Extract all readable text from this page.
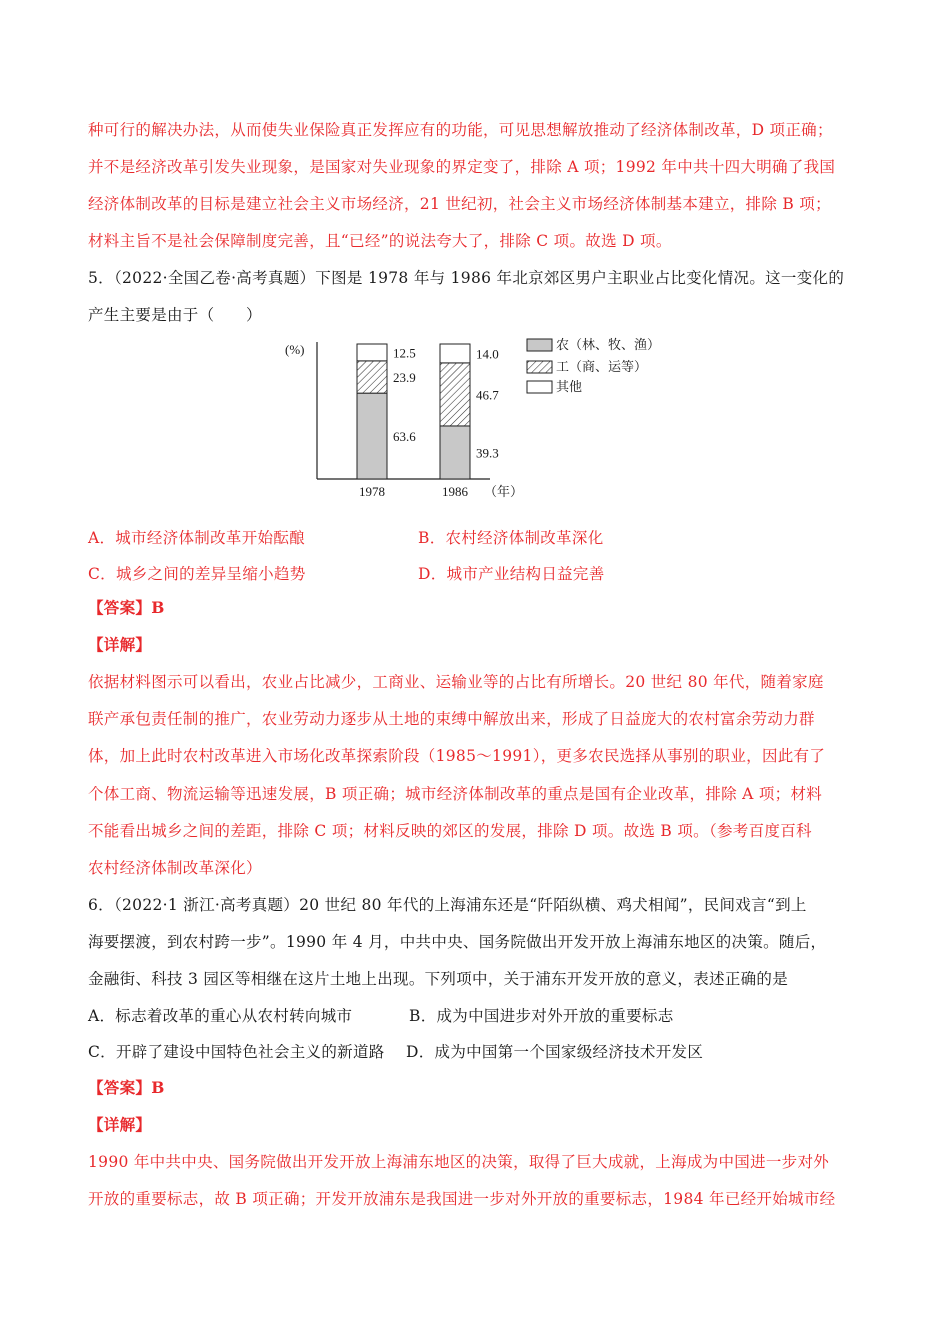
种可行的解决办法，从而使失业保险真正发挥应有的功能，可见思想解放推动了经济体制改革，D 项正确；
并不是经济改革引发失业现象，是国家对失业现象的界定变了，排除 A 项；1992 年中共十四大明确了我国
经济体制改革的目标是建立社会主义市场经济，21 世纪初，社会主义市场经济体制基本建立，排除 B 项；
材料主旨不是社会保障制度完善，且“已经”的说法夸大了，排除 C 项。故选 D 项。
5．（2022·全国乙卷·高考真题）下图是 1978 年与 1986 年北京郊区男户主职业占比变化情况。这一变化的
产生主要是由于（　　）
(%)
63.6
23.9
12.5
1978
39.3
46.7
14.0
1986 （年）
农（林、牧、渔）
工（商、运等）
其他
A．城市经济体制改革开始酝酿	B．农村经济体制改革深化
C．城乡之间的差异呈缩小趋势	D．城市产业结构日益完善
【答案】B
【详解】
依据材料图示可以看出，农业占比减少，工商业、运输业等的占比有所增长。20 世纪 80 年代，随着家庭
联产承包责任制的推广，农业劳动力逐步从土地的束缚中解放出来，形成了日益庞大的农村富余劳动力群
体，加上此时农村改革进入市场化改革探索阶段（1985～1991），更多农民选择从事别的职业，因此有了
个体工商、物流运输等迅速发展，B 项正确；城市经济体制改革的重点是国有企业改革，排除 A 项；材料
不能看出城乡之间的差距，排除 C 项；材料反映的郊区的发展，排除 D 项。故选 B 项。（参考百度百科
农村经济体制改革深化）
6．（2022·1 浙江·高考真题）20 世纪 80 年代的上海浦东还是“阡陌纵横、鸡犬相闻”，民间戏言“到上
海要摆渡，到农村跨一步”。1990 年 4 月，中共中央、国务院做出开发开放上海浦东地区的决策。随后，
金融街、科技 3 园区等相继在这片土地上出现。下列项中，关于浦东开发开放的意义，表述正确的是
A．标志着改革的重心从农村转向城市	B．成为中国进步对外开放的重要标志
C．开辟了建设中国特色社会主义的新道路 D．成为中国第一个国家级经济技术开发区
【答案】B
【详解】
1990 年中共中央、国务院做出开发开放上海浦东地区的决策，取得了巨大成就，上海成为中国进一步对外
开放的重要标志，故 B 项正确；开发开放浦东是我国进一步对外开放的重要标志，1984 年已经开始城市经
